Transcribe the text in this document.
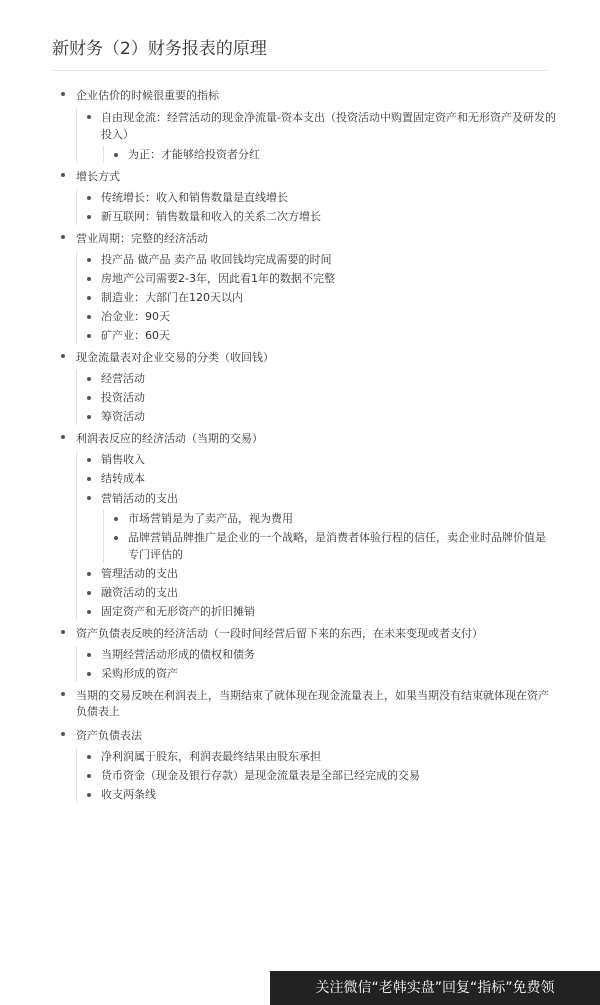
新财务（2）财务报表的原理
企业估价的时候很重要的指标
自由现金流：经营活动的现金净流量-资本支出（投资活动中购置固定资产和无形资产及研发的投入）
为正：才能够给投资者分红
增长方式
传统增长：收入和销售数量是直线增长
新互联网：销售数量和收入的关系二次方增长
营业周期：完整的经济活动
投产品 做产品 卖产品 收回钱均完成需要的时间
房地产公司需要2-3年，因此看1年的数据不完整
制造业：大部门在120天以内
冶金业：90天
矿产业：60天
现金流量表对企业交易的分类（收回钱）
经营活动
投资活动
筹资活动
利润表反应的经济活动（当期的交易）
销售收入
结转成本
营销活动的支出
市场营销是为了卖产品，视为费用
品牌营销品牌推广是企业的一个战略，是消费者体验行程的信任，卖企业时品牌价值是专门评估的
管理活动的支出
融资活动的支出
固定资产和无形资产的折旧摊销
资产负债表反映的经济活动（一段时间经营后留下来的东西，在未来变现或者支付）
当期经营活动形成的债权和债务
采购形成的资产
当期的交易反映在利润表上，当期结束了就体现在现金流量表上，如果当期没有结束就体现在资产负债表上
资产负债表法
净利润属于股东，利润表最终结果由股东承担
货币资金（现金及银行存款）是现金流量表是全部已经完成的交易
收支两条线
关注微信“老韩实盘”回复“指标”免费领
